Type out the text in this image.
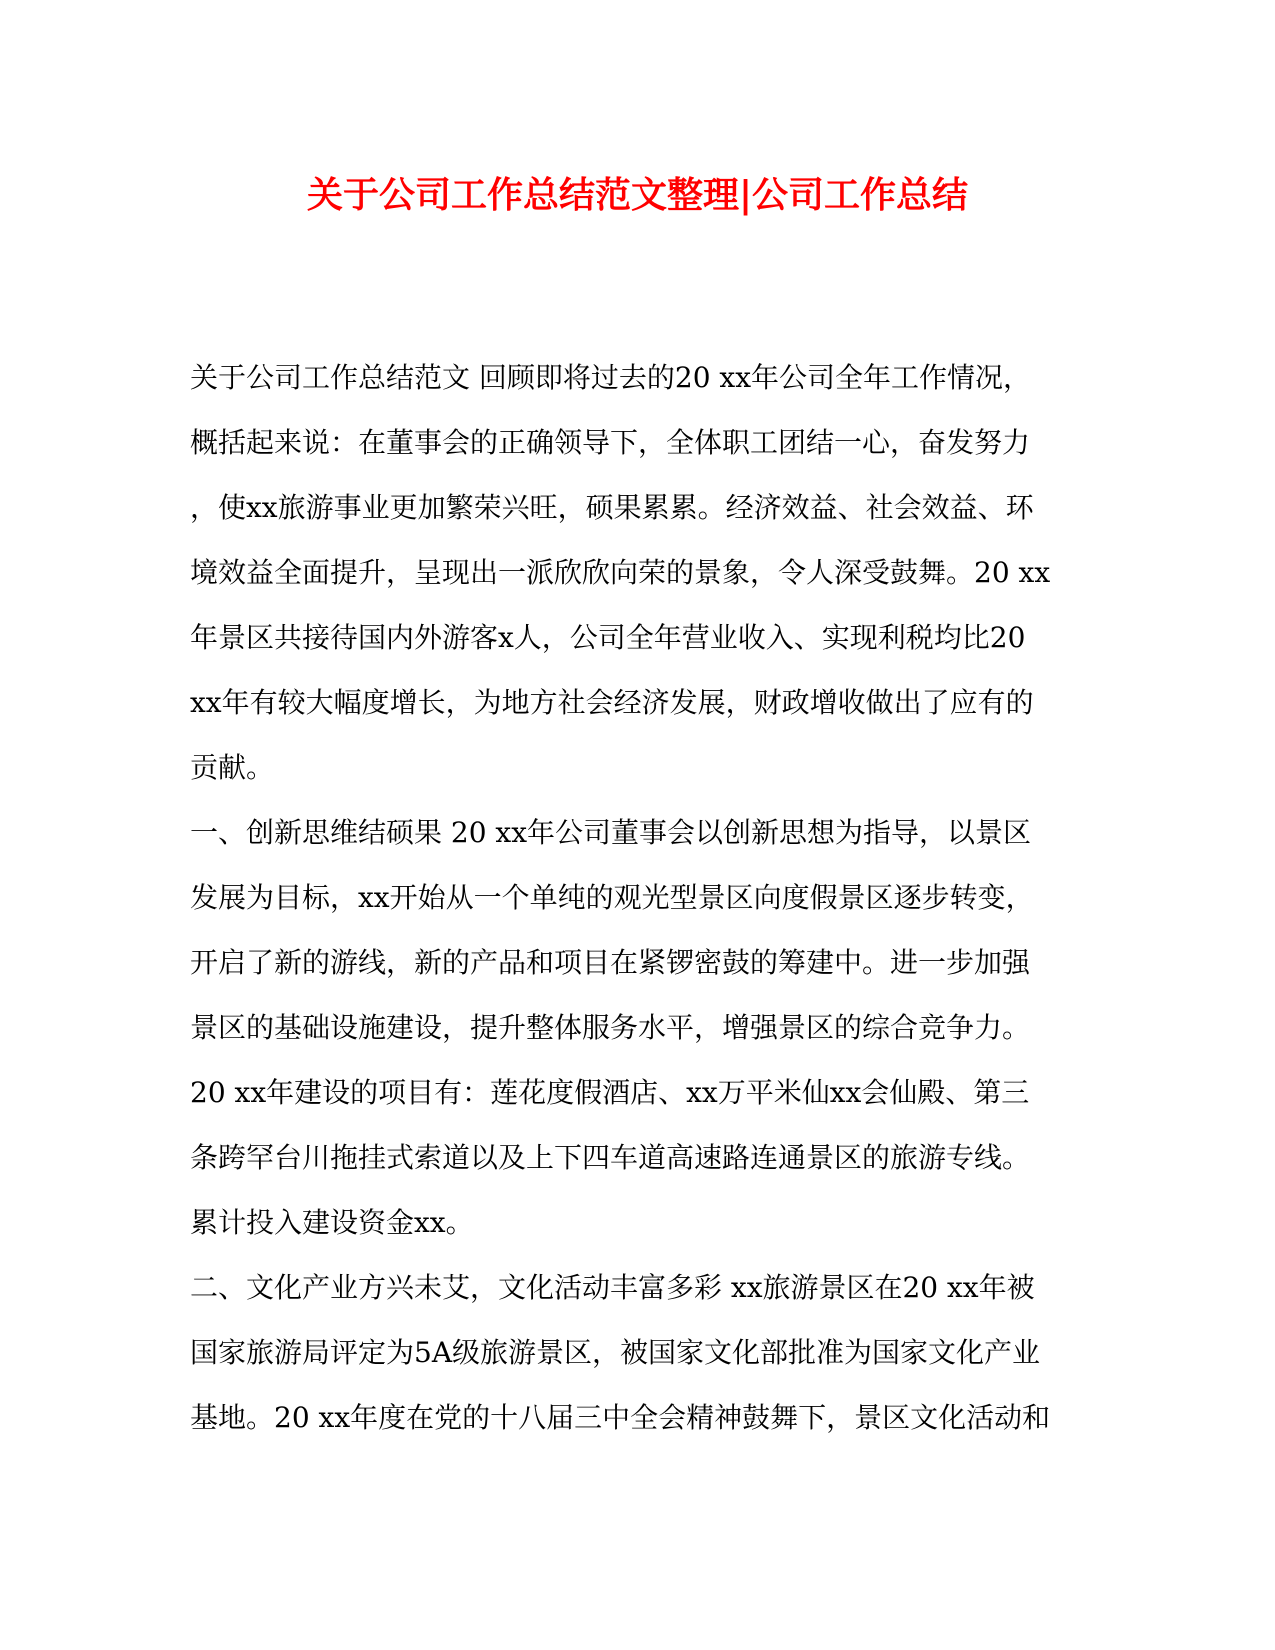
关于公司工作总结范文整理|公司工作总结
关于公司工作总结范文 回顾即将过去的20 xx年公司全年工作情况，
概括起来说：在董事会的正确领导下，全体职工团结一心，奋发努力
，使xx旅游事业更加繁荣兴旺，硕果累累。经济效益、社会效益、环
境效益全面提升，呈现出一派欣欣向荣的景象，令人深受鼓舞。20 xx
年景区共接待国内外游客x人，公司全年营业收入、实现利税均比20
xx年有较大幅度增长，为地方社会经济发展，财政增收做出了应有的
贡献。
一、创新思维结硕果 20 xx年公司董事会以创新思想为指导，以景区
发展为目标，xx开始从一个单纯的观光型景区向度假景区逐步转变，
开启了新的游线，新的产品和项目在紧锣密鼓的筹建中。进一步加强
景区的基础设施建设，提升整体服务水平，增强景区的综合竞争力。
20 xx年建设的项目有：莲花度假酒店、xx万平米仙xx会仙殿、第三
条跨罕台川拖挂式索道以及上下四车道高速路连通景区的旅游专线。
累计投入建设资金xx。
二、文化产业方兴未艾，文化活动丰富多彩 xx旅游景区在20 xx年被
国家旅游局评定为5A级旅游景区，被国家文化部批准为国家文化产业
基地。20 xx年度在党的十八届三中全会精神鼓舞下，景区文化活动和
